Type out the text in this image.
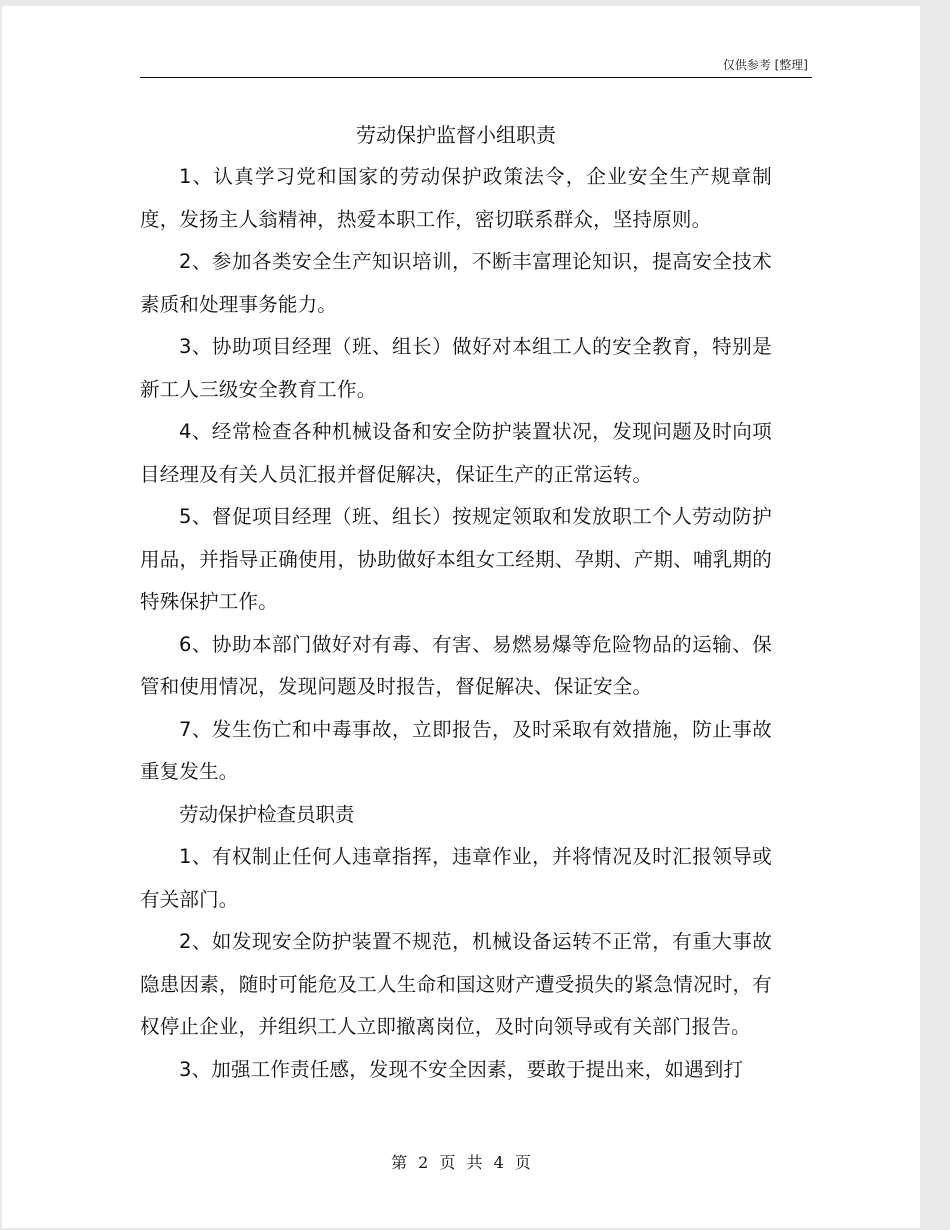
仅供参考 [整理]
劳动保护监督小组职责

1、认真学习党和国家的劳动保护政策法令，企业安全生产规章制度，发扬主人翁精神，热爱本职工作，密切联系群众，坚持原则。

2、参加各类安全生产知识培训，不断丰富理论知识，提高安全技术素质和处理事务能力。

3、协助项目经理（班、组长）做好对本组工人的安全教育，特别是新工人三级安全教育工作。

4、经常检查各种机械设备和安全防护装置状况，发现问题及时向项目经理及有关人员汇报并督促解决，保证生产的正常运转。

5、督促项目经理（班、组长）按规定领取和发放职工个人劳动防护用品，并指导正确使用，协助做好本组女工经期、孕期、产期、哺乳期的特殊保护工作。

6、协助本部门做好对有毒、有害、易燃易爆等危险物品的运输、保管和使用情况，发现问题及时报告，督促解决、保证安全。

7、发生伤亡和中毒事故，立即报告，及时采取有效措施，防止事故重复发生。

劳动保护检查员职责

1、有权制止任何人违章指挥，违章作业，并将情况及时汇报领导或有关部门。

2、如发现安全防护装置不规范，机械设备运转不正常，有重大事故隐患因素，随时可能危及工人生命和国这财产遭受损失的紧急情况时，有权停止企业，并组织工人立即撤离岗位，及时向领导或有关部门报告。

3、加强工作责任感，发现不安全因素，要敢于提出来，如遇到打

第 2 页 共 4 页
